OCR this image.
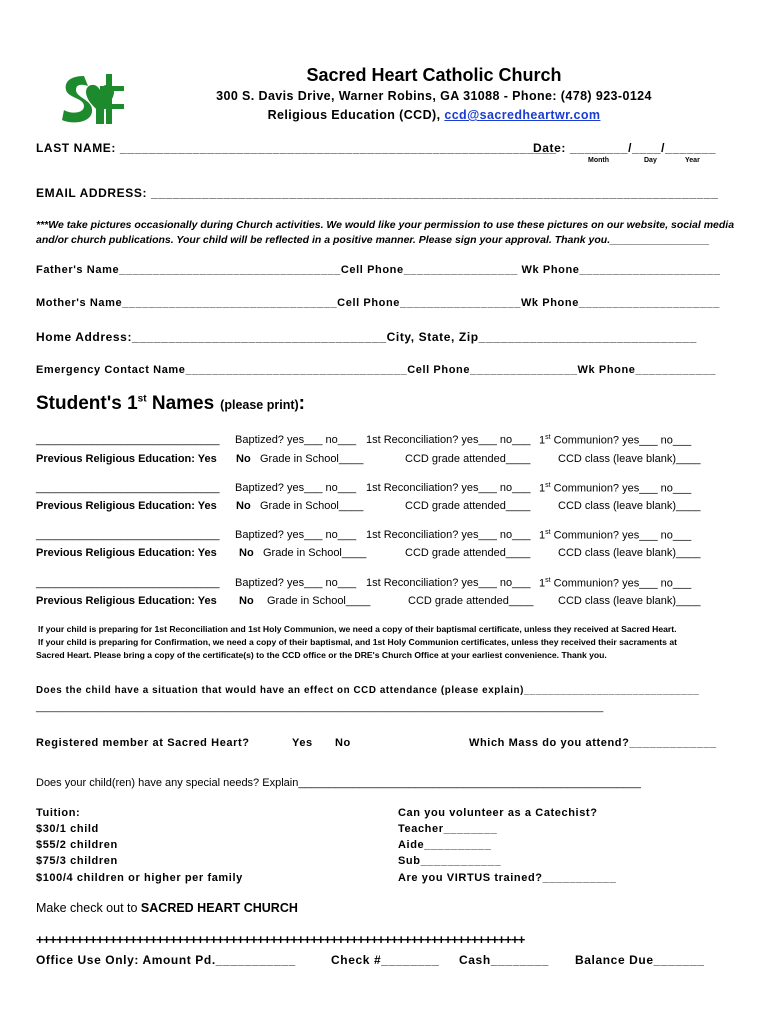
Sacred Heart Catholic Church
300 S. Davis Drive, Warner Robins, GA 31088 - Phone: (478) 923-0124
Religious Education (CCD), ccd@sacredheartwr.com
LAST NAME: ____________________________________________________________
Date: ________/____/_______
Month	Day	Year
EMAIL ADDRESS: ______________________________________________________________________________
***We take pictures occasionally during Church activities. We would like your permission to use these pictures on our website, social media
and/or church publications. Your child will be reflected in a positive manner. Please sign your approval. Thank you._________________
Father's Name_________________________________Cell Phone_________________ Wk Phone_____________________
Mother's Name________________________________Cell Phone__________________Wk Phone_____________________
Home Address:___________________________________City, State, Zip______________________________
Emergency Contact Name_________________________________Cell Phone________________Wk Phone____________
Student's 1st Names (please print):
______________________________ Baptized? yes___ no___ 1st Reconciliation? yes___ no___ 1st Communion? yes___ no___
Previous Religious Education: Yes No Grade in School____	CCD grade attended____	CCD class (leave blank)____
______________________________ Baptized? yes___ no___ 1st Reconciliation? yes___ no___ 1st Communion? yes___ no___
Previous Religious Education: Yes No Grade in School____	CCD grade attended____	CCD class (leave blank)____
______________________________ Baptized? yes___ no___ 1st Reconciliation? yes___ no___ 1st Communion? yes___ no___
Previous Religious Education: Yes No Grade in School____	CCD grade attended____	CCD class (leave blank)____
______________________________ Baptized? yes___ no___ 1st Reconciliation? yes___ no___ 1st Communion? yes___ no___
Previous Religious Education: Yes No Grade in School____	CCD grade attended____ CCD class (leave blank)____
If your child is preparing for 1st Reconciliation and 1st Holy Communion, we need a copy of their baptismal certificate, unless they received at Sacred Heart.
If your child is preparing for Confirmation, we need a copy of their baptismal, and 1st Holy Communion certificates, unless they received their sacraments at
Sacred Heart. Please bring a copy of the certificate(s) to the CCD office or the DRE's Church Office at your earliest convenience. Thank you.
Does the child have a situation that would have an effect on CCD attendance (please explain)_____________________________
______________________________________________________________________________________________________
Registered member at Sacred Heart?	Yes No	Which Mass do you attend?_____________
Does your child(ren) have any special needs? Explain________________________________________________________
Tuition:
$30/1 child
$55/2 children
$75/3 children
$100/4 children or higher per family
Can you volunteer as a Catechist?
Teacher________
Aide__________
Sub____________
Are you VIRTUS trained?___________
Make check out to SACRED HEART CHURCH
+++++++++++++++++++++++++++++++++++++++++++++++++++++++++++++++++++++++++
Office Use Only: Amount Pd.___________	Check #________ Cash________ Balance Due_______
